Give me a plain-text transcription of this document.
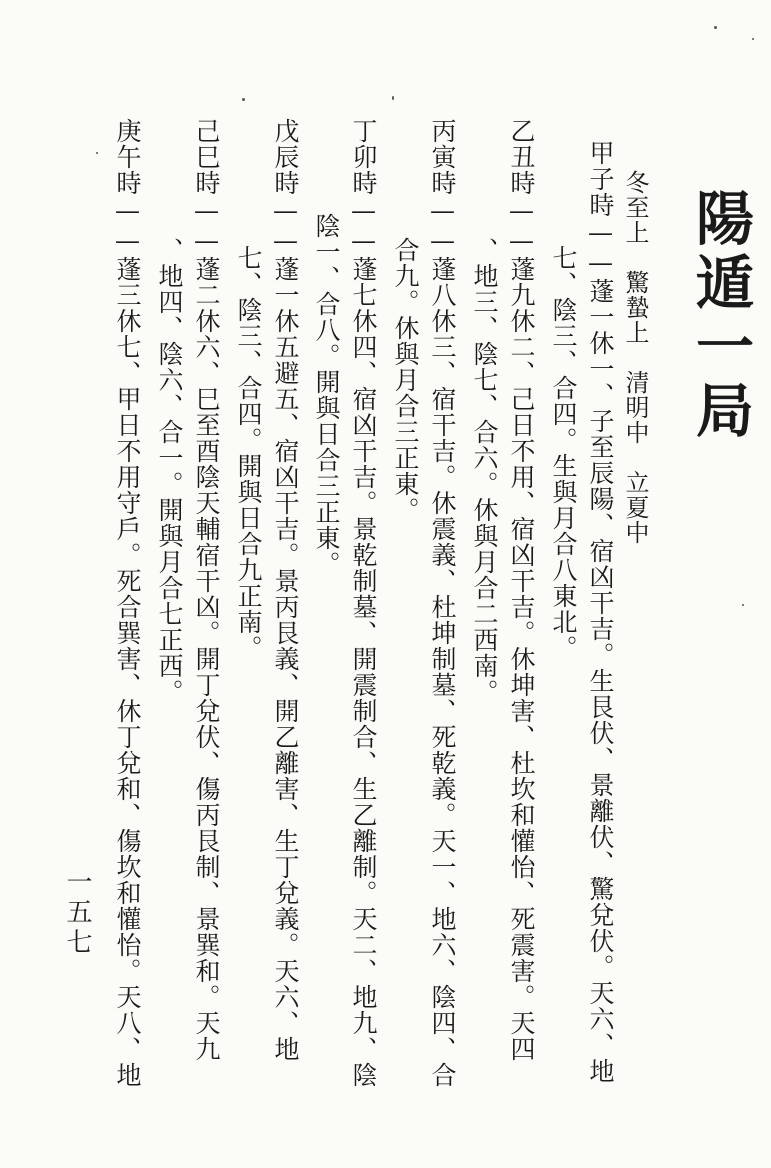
陽遁一局
冬至上　驚蟄上　清明中　立夏中
甲子時——蓬一休一、子至辰陽、宿凶干吉。生艮伏、景離伏、驚兌伏。天六、地
七、陰三、合四。生與月合八東北。
乙丑時——蓬九休二、己日不用、宿凶干吉。休坤害、杜坎和懽怡、死震害。天四
、地三、陰七、合六。休與月合二西南。
丙寅時——蓬八休三、宿干吉。休震義、杜坤制墓、死乾義。天一、地六、陰四、合
合九。休與月合三正東。
丁卯時——蓬七休四、宿凶干吉。景乾制墓、開震制合、生乙離制。天二、地九、陰
陰一、合八。開與日合三正東。
戊辰時——蓬一休五避五、宿凶干吉。景丙艮義、開乙離害、生丁兌義。天六、地
七、陰三、合四。開與日合九正南。
己巳時——蓬二休六、巳至酉陰天輔宿干凶。開丁兌伏、傷丙艮制、景巽和。天九
、地四、陰六、合一。開與月合七正西。
庚午時——蓬三休七、甲日不用守戶。死合巽害、休丁兌和、傷坎和懽怡。天八、地
一五七
